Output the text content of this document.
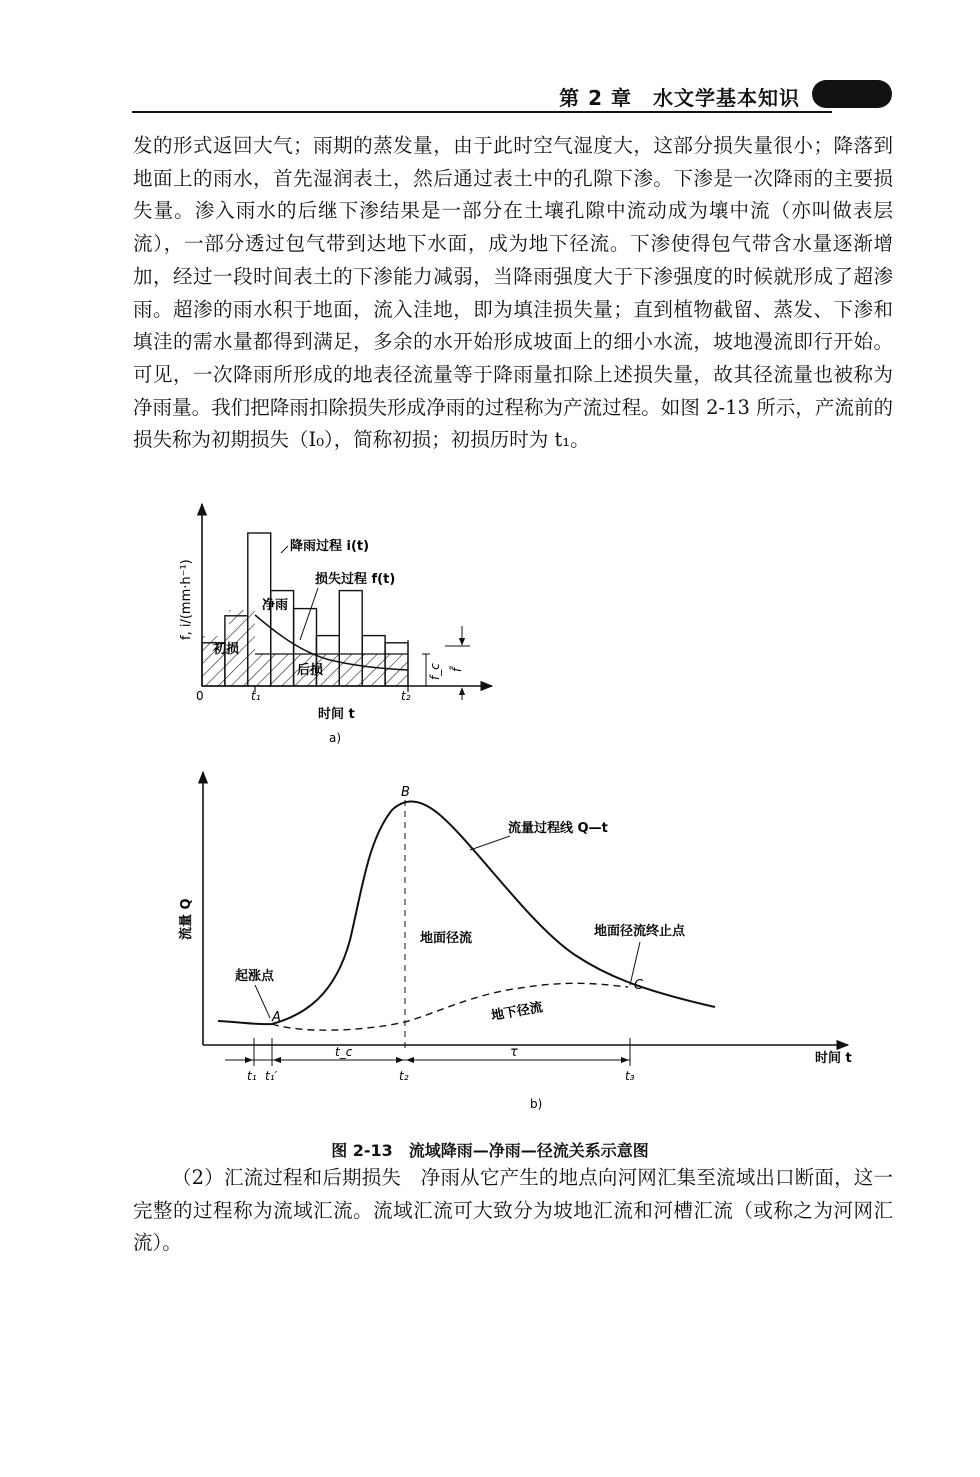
第 2 章　水文学基本知识
发的形式返回大气；雨期的蒸发量，由于此时空气湿度大，这部分损失量很小；降落到地面上的雨水，首先湿润表土，然后通过表土中的孔隙下渗。下渗是一次降雨的主要损失量。渗入雨水的后继下渗结果是一部分在土壤孔隙中流动成为壤中流（亦叫做表层流），一部分透过包气带到达地下水面，成为地下径流。下渗使得包气带含水量逐渐增加，经过一段时间表土的下渗能力减弱，当降雨强度大于下渗强度的时候就形成了超渗雨。超渗的雨水积于地面，流入洼地，即为填洼损失量；直到植物截留、蒸发、下渗和填洼的需水量都得到满足，多余的水开始形成坡面上的细小水流，坡地漫流即行开始。可见，一次降雨所形成的地表径流量等于降雨量扣除上述损失量，故其径流量也被称为净雨量。我们把降雨扣除损失形成净雨的过程称为产流过程。如图 2-13 所示，产流前的损失称为初期损失（I₀），简称初损；初损历时为 t₁。
降雨过程 i(t)
损失过程 f(t)
净雨
初损
后损
0	t₁	t₂
时间 t
a)
f, i/(mm·h⁻¹)
f_c f̄
t_c	τ
t₁ t₁′	t₂	t₃
时间 t
b)
流量 Q
B
A
C
流量过程线 Q—t
地面径流
地下径流
地面径流终止点
起涨点
图 2-13　流域降雨—净雨—径流关系示意图
（2）汇流过程和后期损失　净雨从它产生的地点向河网汇集至流域出口断面，这一完整的过程称为流域汇流。流域汇流可大致分为坡地汇流和河槽汇流（或称之为河网汇流）。
